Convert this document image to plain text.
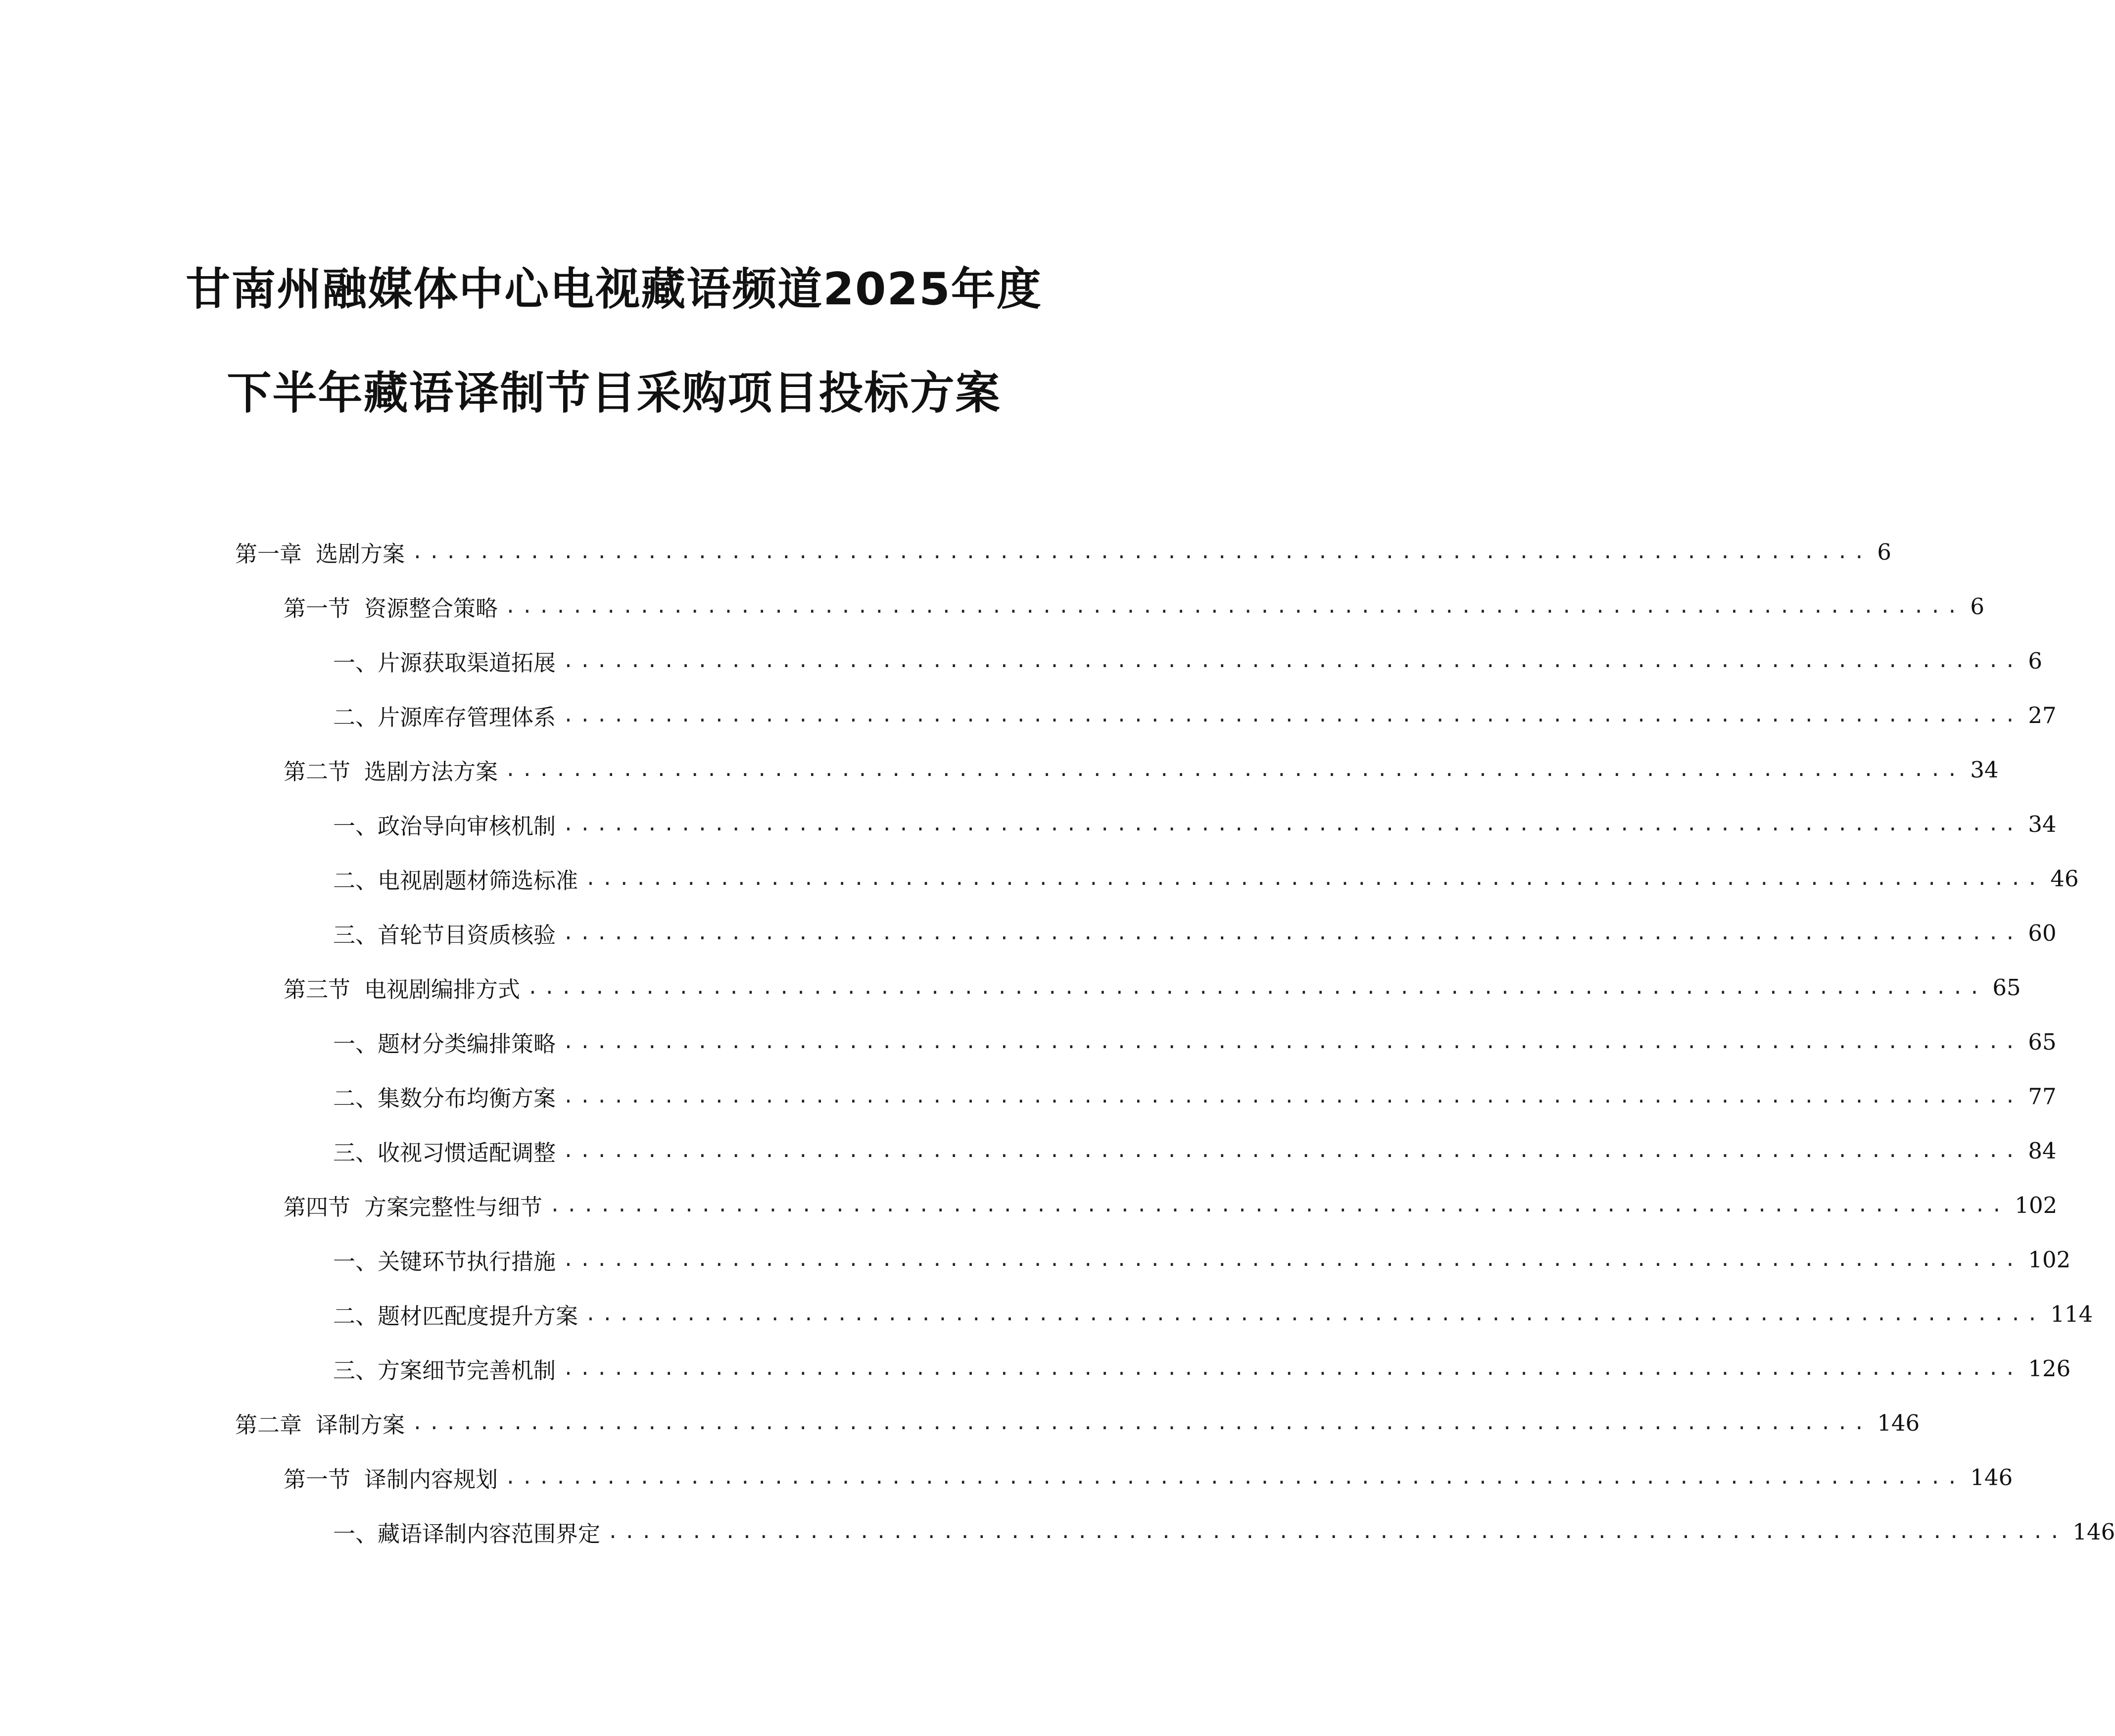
甘南州融媒体中心电视藏语频道2025年度
下半年藏语译制节目采购项目投标方案
第一章 选剧方案 ....................................................................................... 6
第一节 资源整合策略 ....................................................................................... 6
一、 片源获取渠道拓展 ....................................................................................... 6
二、 片源库存管理体系 ....................................................................................... 27
第二节 选剧方法方案 ....................................................................................... 34
一、 政治导向审核机制 ....................................................................................... 34
二、 电视剧题材筛选标准 ....................................................................................... 46
三、 首轮节目资质核验 ....................................................................................... 60
第三节 电视剧编排方式 ....................................................................................... 65
一、 题材分类编排策略 ....................................................................................... 65
二、 集数分布均衡方案 ....................................................................................... 77
三、 收视习惯适配调整 ....................................................................................... 84
第四节 方案完整性与细节 ....................................................................................... 102
一、 关键环节执行措施 ....................................................................................... 102
二、 题材匹配度提升方案 ....................................................................................... 114
三、 方案细节完善机制 ....................................................................................... 126
第二章 译制方案 ....................................................................................... 146
第一节 译制内容规划 ....................................................................................... 146
一、 藏语译制内容范围界定 ....................................................................................... 146
